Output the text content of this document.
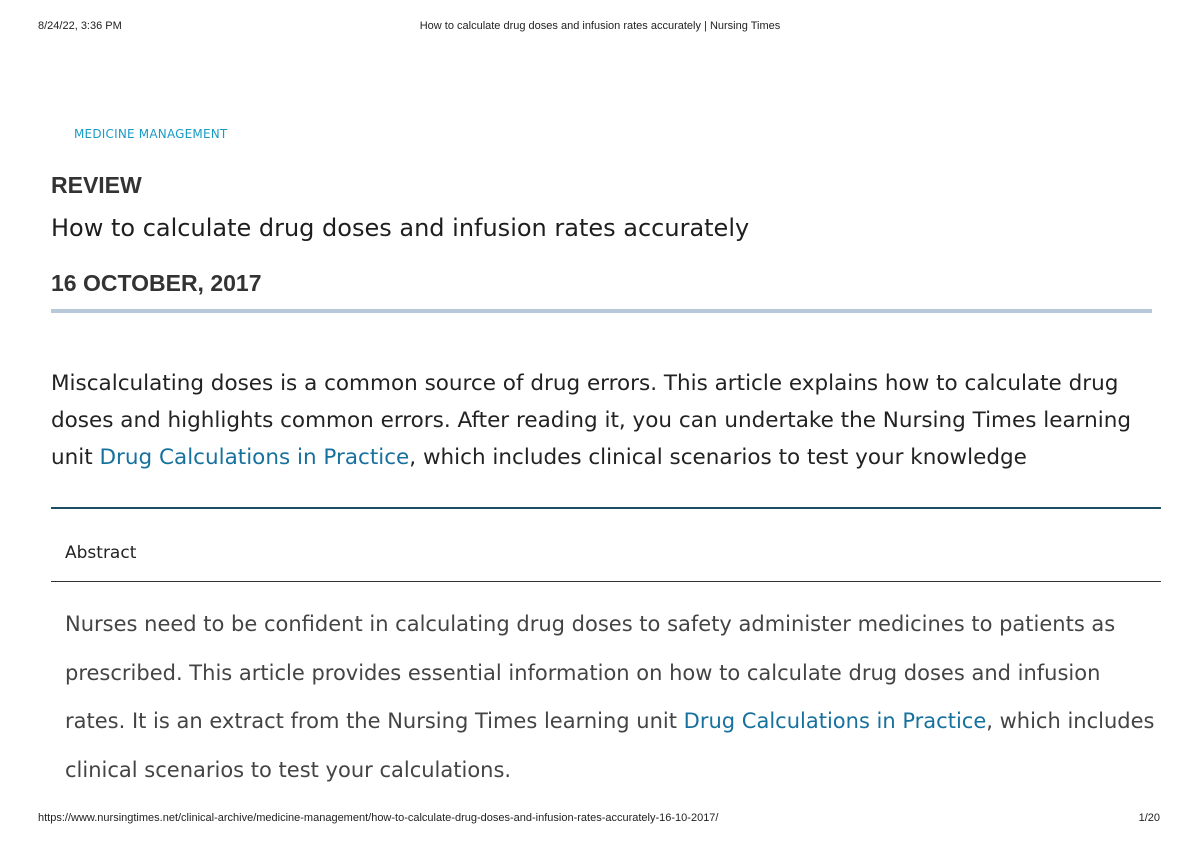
8/24/22, 3:36 PM	How to calculate drug doses and infusion rates accurately | Nursing Times
MEDICINE MANAGEMENT
REVIEW
How to calculate drug doses and infusion rates accurately
16 OCTOBER, 2017

Miscalculating doses is a common source of drug errors. This article explains how to calculate drug doses and highlights common errors. After reading it, you can undertake the Nursing Times learning unit Drug Calculations in Practice, which includes clinical scenarios to test your knowledge

Abstract

Nurses need to be confident in calculating drug doses to safety administer medicines to patients as prescribed. This article provides essential information on how to calculate drug doses and infusion rates. It is an extract from the Nursing Times learning unit Drug Calculations in Practice, which includes clinical scenarios to test your calculations.

https://www.nursingtimes.net/clinical-archive/medicine-management/how-to-calculate-drug-doses-and-infusion-rates-accurately-16-10-2017/	1/20
